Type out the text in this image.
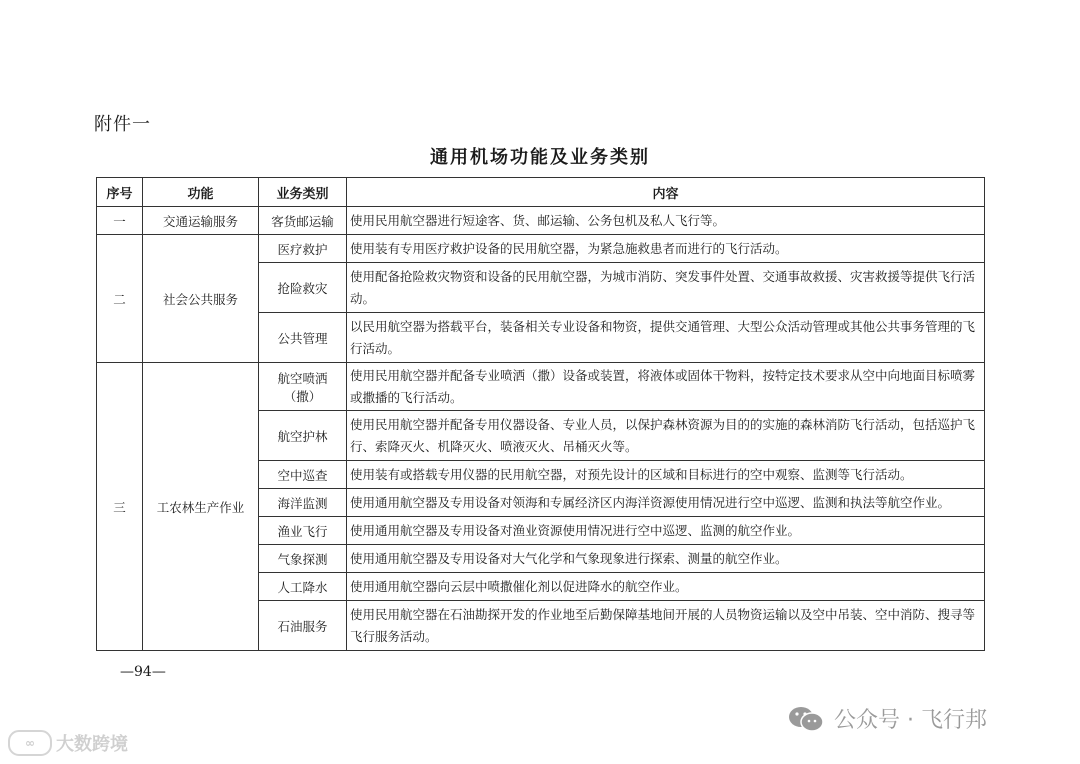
附件一
通用机场功能及业务类别
序号	功能	业务类别	内容
一	交通运输服务	客货邮运输	使用民用航空器进行短途客、货、邮运输、公务包机及私人飞行等。
二	社会公共服务	医疗救护	使用装有专用医疗救护设备的民用航空器，为紧急施救患者而进行的飞行活动。
		抢险救灾	使用配备抢险救灾物资和设备的民用航空器，为城市消防、突发事件处置、交通事故救援、灾害救援等提供飞行活动。
		公共管理	以民用航空器为搭载平台，装备相关专业设备和物资，提供交通管理、大型公众活动管理或其他公共事务管理的飞行活动。
三	工农林生产作业	航空喷洒（撒）	使用民用航空器并配备专业喷洒（撒）设备或装置，将液体或固体干物料，按特定技术要求从空中向地面目标喷雾或撒播的飞行活动。
		航空护林	使用民用航空器并配备专用仪器设备、专业人员，以保护森林资源为目的的实施的森林消防飞行活动，包括巡护飞行、索降灭火、机降灭火、喷液灭火、吊桶灭火等。
		空中巡查	使用装有或搭载专用仪器的民用航空器，对预先设计的区域和目标进行的空中观察、监测等飞行活动。
		海洋监测	使用通用航空器及专用设备对领海和专属经济区内海洋资源使用情况进行空中巡逻、监测和执法等航空作业。
		渔业飞行	使用通用航空器及专用设备对渔业资源使用情况进行空中巡逻、监测的航空作业。
		气象探测	使用通用航空器及专用设备对大气化学和气象现象进行探索、测量的航空作业。
		人工降水	使用通用航空器向云层中喷撒催化剂以促进降水的航空作业。
		石油服务	使用民用航空器在石油勘探开发的作业地至后勤保障基地间开展的人员物资运输以及空中吊装、空中消防、搜寻等飞行服务活动。
—94—
∞	大数跨境
公众号 · 飞行邦
